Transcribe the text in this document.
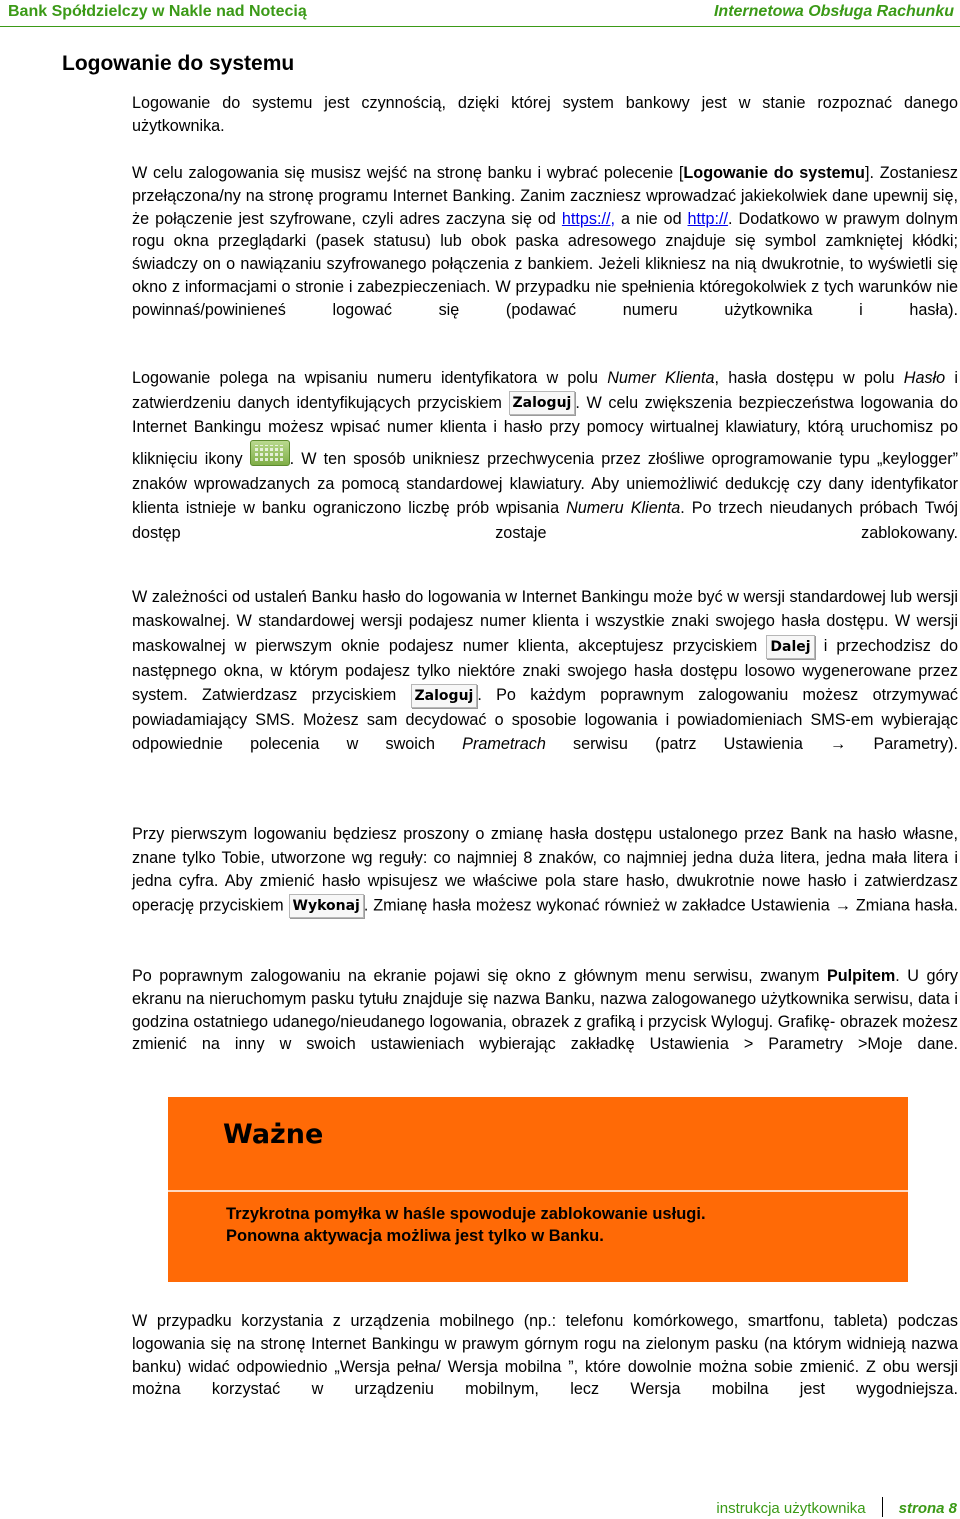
Bank Spółdzielczy w Nakle nad Notecią	Internetowa Obsługa Rachunku
Logowanie do systemu

Logowanie do systemu jest czynnością, dzięki której system bankowy jest w stanie rozpoznać danego użytkownika.

W celu zalogowania się musisz wejść na stronę banku i wybrać polecenie [Logowanie do systemu]. Zostaniesz przełączona/ny na stronę programu Internet Banking. Zanim zaczniesz wprowadzać jakiekolwiek dane upewnij się, że połączenie jest szyfrowane, czyli adres zaczyna się od https://, a nie od http://. Dodatkowo w prawym dolnym rogu okna przeglądarki (pasek statusu) lub obok paska adresowego znajduje się symbol zamkniętej kłódki; świadczy on o nawiązaniu szyfrowanego połączenia z bankiem. Jeżeli klikniesz na nią dwukrotnie, to wyświetli się okno z informacjami o stronie i zabezpieczeniach. W przypadku nie spełnienia któregokolwiek z tych warunków nie powinnaś/powinieneś logować się (podawać numeru użytkownika i hasła).

Logowanie polega na wpisaniu numeru identyfikatora w polu Numer Klienta, hasła dostępu w polu Hasło i zatwierdzeniu danych identyfikujących przyciskiem Zaloguj . W celu zwiększenia bezpieczeństwa logowania do Internet Bankingu możesz wpisać numer klienta i hasło przy pomocy wirtualnej klawiatury, którą uruchomisz po kliknięciu ikony . W ten sposób unikniesz przechwycenia przez złośliwe oprogramowanie typu „keylogger” znaków wprowadzanych za pomocą standardowej klawiatury. Aby uniemożliwić dedukcję czy dany identyfikator klienta istnieje w banku ograniczono liczbę prób wpisania Numeru Klienta. Po trzech nieudanych próbach Twój dostęp zostaje zablokowany.

W zależności od ustaleń Banku hasło do logowania w Internet Bankingu może być w wersji standardowej lub wersji maskowalnej. W standardowej wersji podajesz numer klienta i wszystkie znaki swojego hasła dostępu. W wersji maskowalnej w pierwszym oknie podajesz numer klienta, akceptujesz przyciskiem Dalej i przechodzisz do następnego okna, w którym podajesz tylko niektóre znaki swojego hasła dostępu losowo wygenerowane przez system. Zatwierdzasz przyciskiem Zaloguj . Po każdym poprawnym zalogowaniu możesz otrzymywać powiadamiający SMS. Możesz sam decydować o sposobie logowania i powiadomieniach SMS-em wybierając odpowiednie polecenia w swoich Prametrach serwisu (patrz Ustawienia → Parametry).

Przy pierwszym logowaniu będziesz proszony o zmianę hasła dostępu ustalonego przez Bank na hasło własne, znane tylko Tobie, utworzone wg reguły: co najmniej 8 znaków, co najmniej jedna duża litera, jedna mała litera i jedna cyfra. Aby zmienić hasło wpisujesz we właściwe pola stare hasło, dwukrotnie nowe hasło i zatwierdzasz operację przyciskiem Wykonaj . Zmianę hasła możesz wykonać również w zakładce Ustawienia → Zmiana hasła.

Po poprawnym zalogowaniu na ekranie pojawi się okno z głównym menu serwisu, zwanym Pulpitem. U góry ekranu na nieruchomym pasku tytułu znajduje się nazwa Banku, nazwa zalogowanego użytkownika serwisu, data i godzina ostatniego udanego/nieudanego logowania, obrazek z grafiką i przycisk Wyloguj. Grafikę- obrazek możesz zmienić na inny w swoich ustawieniach wybierając zakładkę Ustawienia > Parametry >Moje dane.

Ważne
Trzykrotna pomyłka w haśle spowoduje zablokowanie usługi.
Ponowna aktywacja możliwa jest tylko w Banku.

W przypadku korzystania z urządzenia mobilnego (np.: telefonu komórkowego, smartfonu, tableta) podczas logowania się na stronę Internet Bankingu w prawym górnym rogu na zielonym pasku (na którym widnieją nazwa banku) widać odpowiednio „Wersja pełna/ Wersja mobilna ”, które dowolnie można sobie zmienić. Z obu wersji można korzystać w urządzeniu mobilnym, lecz Wersja mobilna jest wygodniejsza.

instrukcja użytkownika strona 8
